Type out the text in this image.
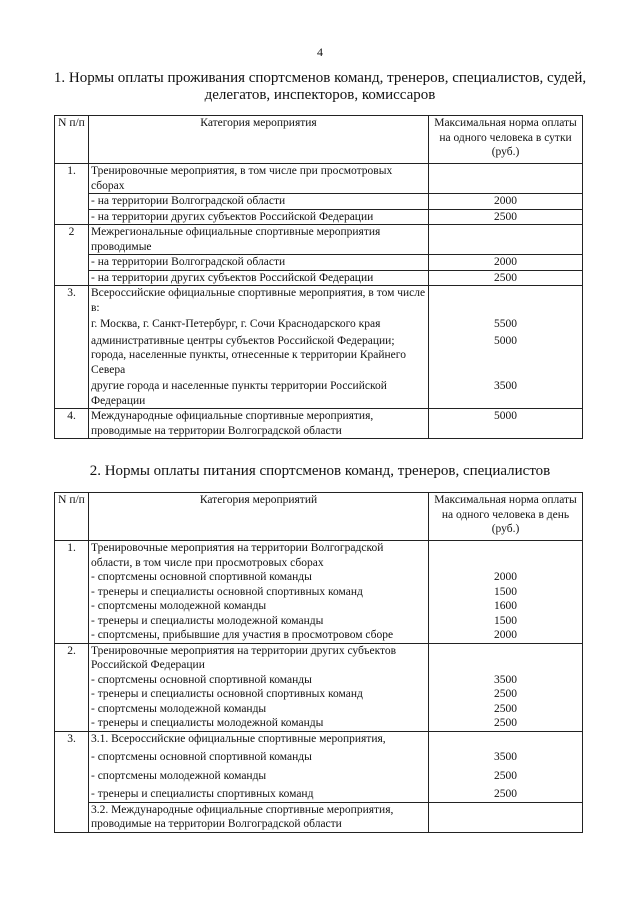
4
1. Нормы оплаты проживания спортсменов команд, тренеров, специалистов, судей,
делегатов, инспекторов, комиссаров
N п/п	Категория мероприятия	Максимальная норма оплаты на одного человека в сутки (руб.)
1.	Тренировочные мероприятия, в том числе при просмотровых сборах	
	- на территории Волгоградской области	2000
	- на территории других субъектов Российской Федерации	2500
2	Межрегиональные официальные спортивные мероприятия проводимые	
	- на территории Волгоградской области	2000
	- на территории других субъектов Российской Федерации	2500
3.	Всероссийские официальные спортивные мероприятия, в том числе в:	
	г. Москва, г. Санкт-Петербург, г. Сочи Краснодарского края	5500
	административные центры субъектов Российской Федерации; города, населенные пункты, отнесенные к территории Крайнего Севера	5000
	другие города и населенные пункты территории Российской Федерации	3500
4.	Международные официальные спортивные мероприятия, проводимые на территории Волгоградской области	5000
2. Нормы оплаты питания спортсменов команд, тренеров, специалистов
N п/п	Категория мероприятий	Максимальная норма оплаты на одного человека в день (руб.)
1.	Тренировочные мероприятия на территории Волгоградской области, в том числе при просмотровых сборах	
	- спортсмены основной спортивной команды	2000
	- тренеры и специалисты основной спортивных команд	1500
	- спортсмены молодежной команды	1600
	- тренеры и специалисты молодежной команды	1500
	- спортсмены, прибывшие для участия в просмотровом сборе	2000
2.	Тренировочные мероприятия на территории других субъектов Российской Федерации	
	- спортсмены основной спортивной команды	3500
	- тренеры и специалисты основной спортивных команд	2500
	- спортсмены молодежной команды	2500
	- тренеры и специалисты молодежной команды	2500
3.	3.1. Всероссийские официальные спортивные мероприятия,	
	- спортсмены основной спортивной команды	3500
	- спортсмены молодежной команды	2500
	- тренеры и специалисты спортивных команд	2500
	3.2. Международные официальные спортивные мероприятия, проводимые на территории Волгоградской области	
